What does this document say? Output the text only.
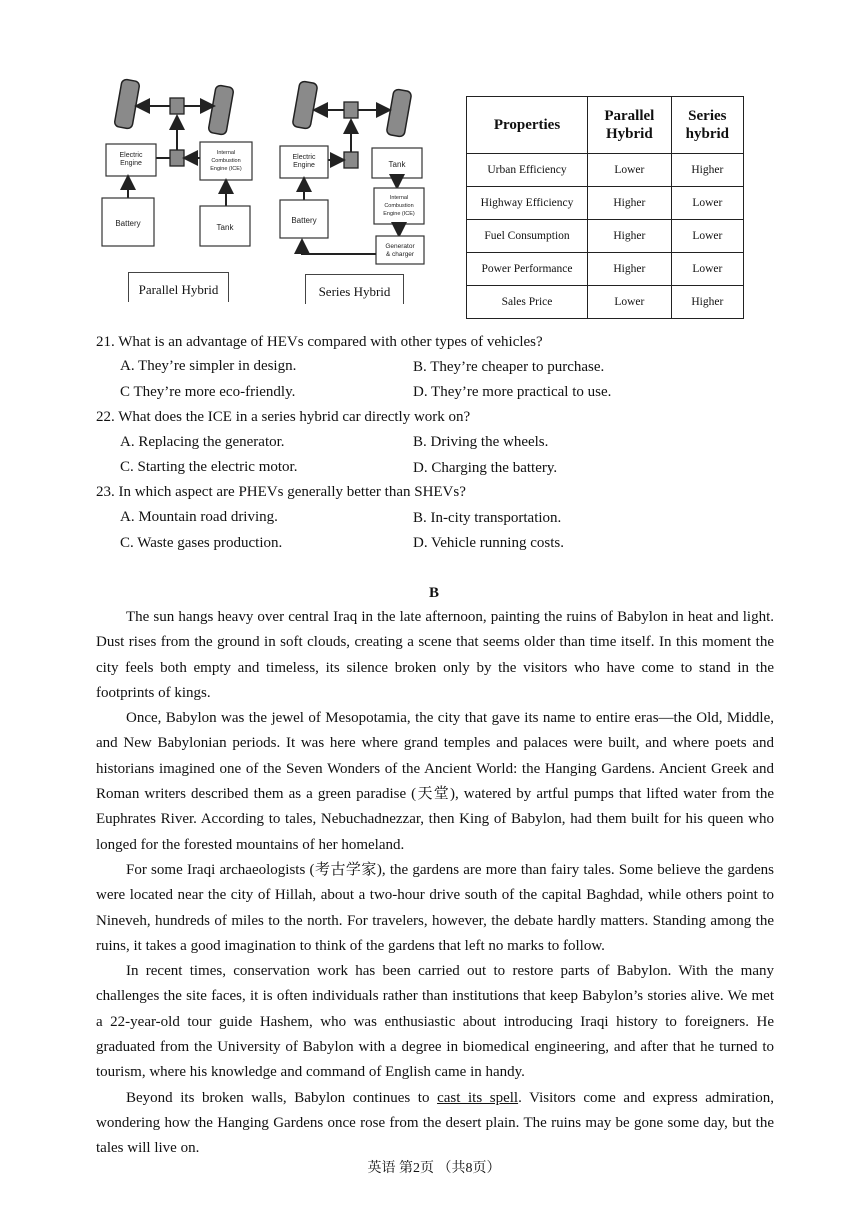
Electric
Engine
Internal
Combustion
Engine (ICE)
Battery	Tank
Parallel Hybrid
Electric
Engine	Tank
Internal
Combustion
Engine (ICE)
Generator
& charger
Battery
Series Hybrid
Properties	Parallel Hybrid	Series hybrid
Urban Efficiency	Lower	Higher
Highway Efficiency	Higher	Lower
Fuel Consumption	Higher	Lower
Power Performance	Higher	Lower
Sales Price	Lower	Higher
21. What is an advantage of HEVs compared with other types of vehicles?
A. They’re simpler in design.	B. They’re cheaper to purchase.
C They’re more eco-friendly.	D. They’re more practical to use.
22. What does the ICE in a series hybrid car directly work on?
A. Replacing the generator.	B. Driving the wheels.
C. Starting the electric motor.	D. Charging the battery.
23. In which aspect are PHEVs generally better than SHEVs?
A. Mountain road driving.	B. In-city transportation.
C. Waste gases production.	D. Vehicle running costs.
B

The sun hangs heavy over central Iraq in the late afternoon, painting the ruins of Babylon in heat and light. Dust rises from the ground in soft clouds, creating a scene that seems older than time itself. In this moment the city feels both empty and timeless, its silence broken only by the visitors who have come to stand in the footprints of kings.

Once, Babylon was the jewel of Mesopotamia, the city that gave its name to entire eras—the Old, Middle, and New Babylonian periods. It was here where grand temples and palaces were built, and where poets and historians imagined one of the Seven Wonders of the Ancient World: the Hanging Gardens. Ancient Greek and Roman writers described them as a green paradise (天堂), watered by artful pumps that lifted water from the Euphrates River. According to tales, Nebuchadnezzar, then King of Babylon, had them built for his queen who longed for the forested mountains of her homeland.

For some Iraqi archaeologists (考古学家), the gardens are more than fairy tales. Some believe the gardens were located near the city of Hillah, about a two-hour drive south of the capital Baghdad, while others point to Nineveh, hundreds of miles to the north. For travelers, however, the debate hardly matters. Standing among the ruins, it takes a good imagination to think of the gardens that left no marks to follow.

In recent times, conservation work has been carried out to restore parts of Babylon. With the many challenges the site faces, it is often individuals rather than institutions that keep Babylon’s stories alive. We met a 22-year-old tour guide Hashem, who was enthusiastic about introducing Iraqi history to foreigners. He graduated from the University of Babylon with a degree in biomedical engineering, and after that he turned to tourism, where his knowledge and command of English came in handy.

Beyond its broken walls, Babylon continues to cast its spell. Visitors come and express admiration, wondering how the Hanging Gardens once rose from the desert plain. The ruins may be gone some day, but the tales will live on.

英语 第2页 （共8页）
